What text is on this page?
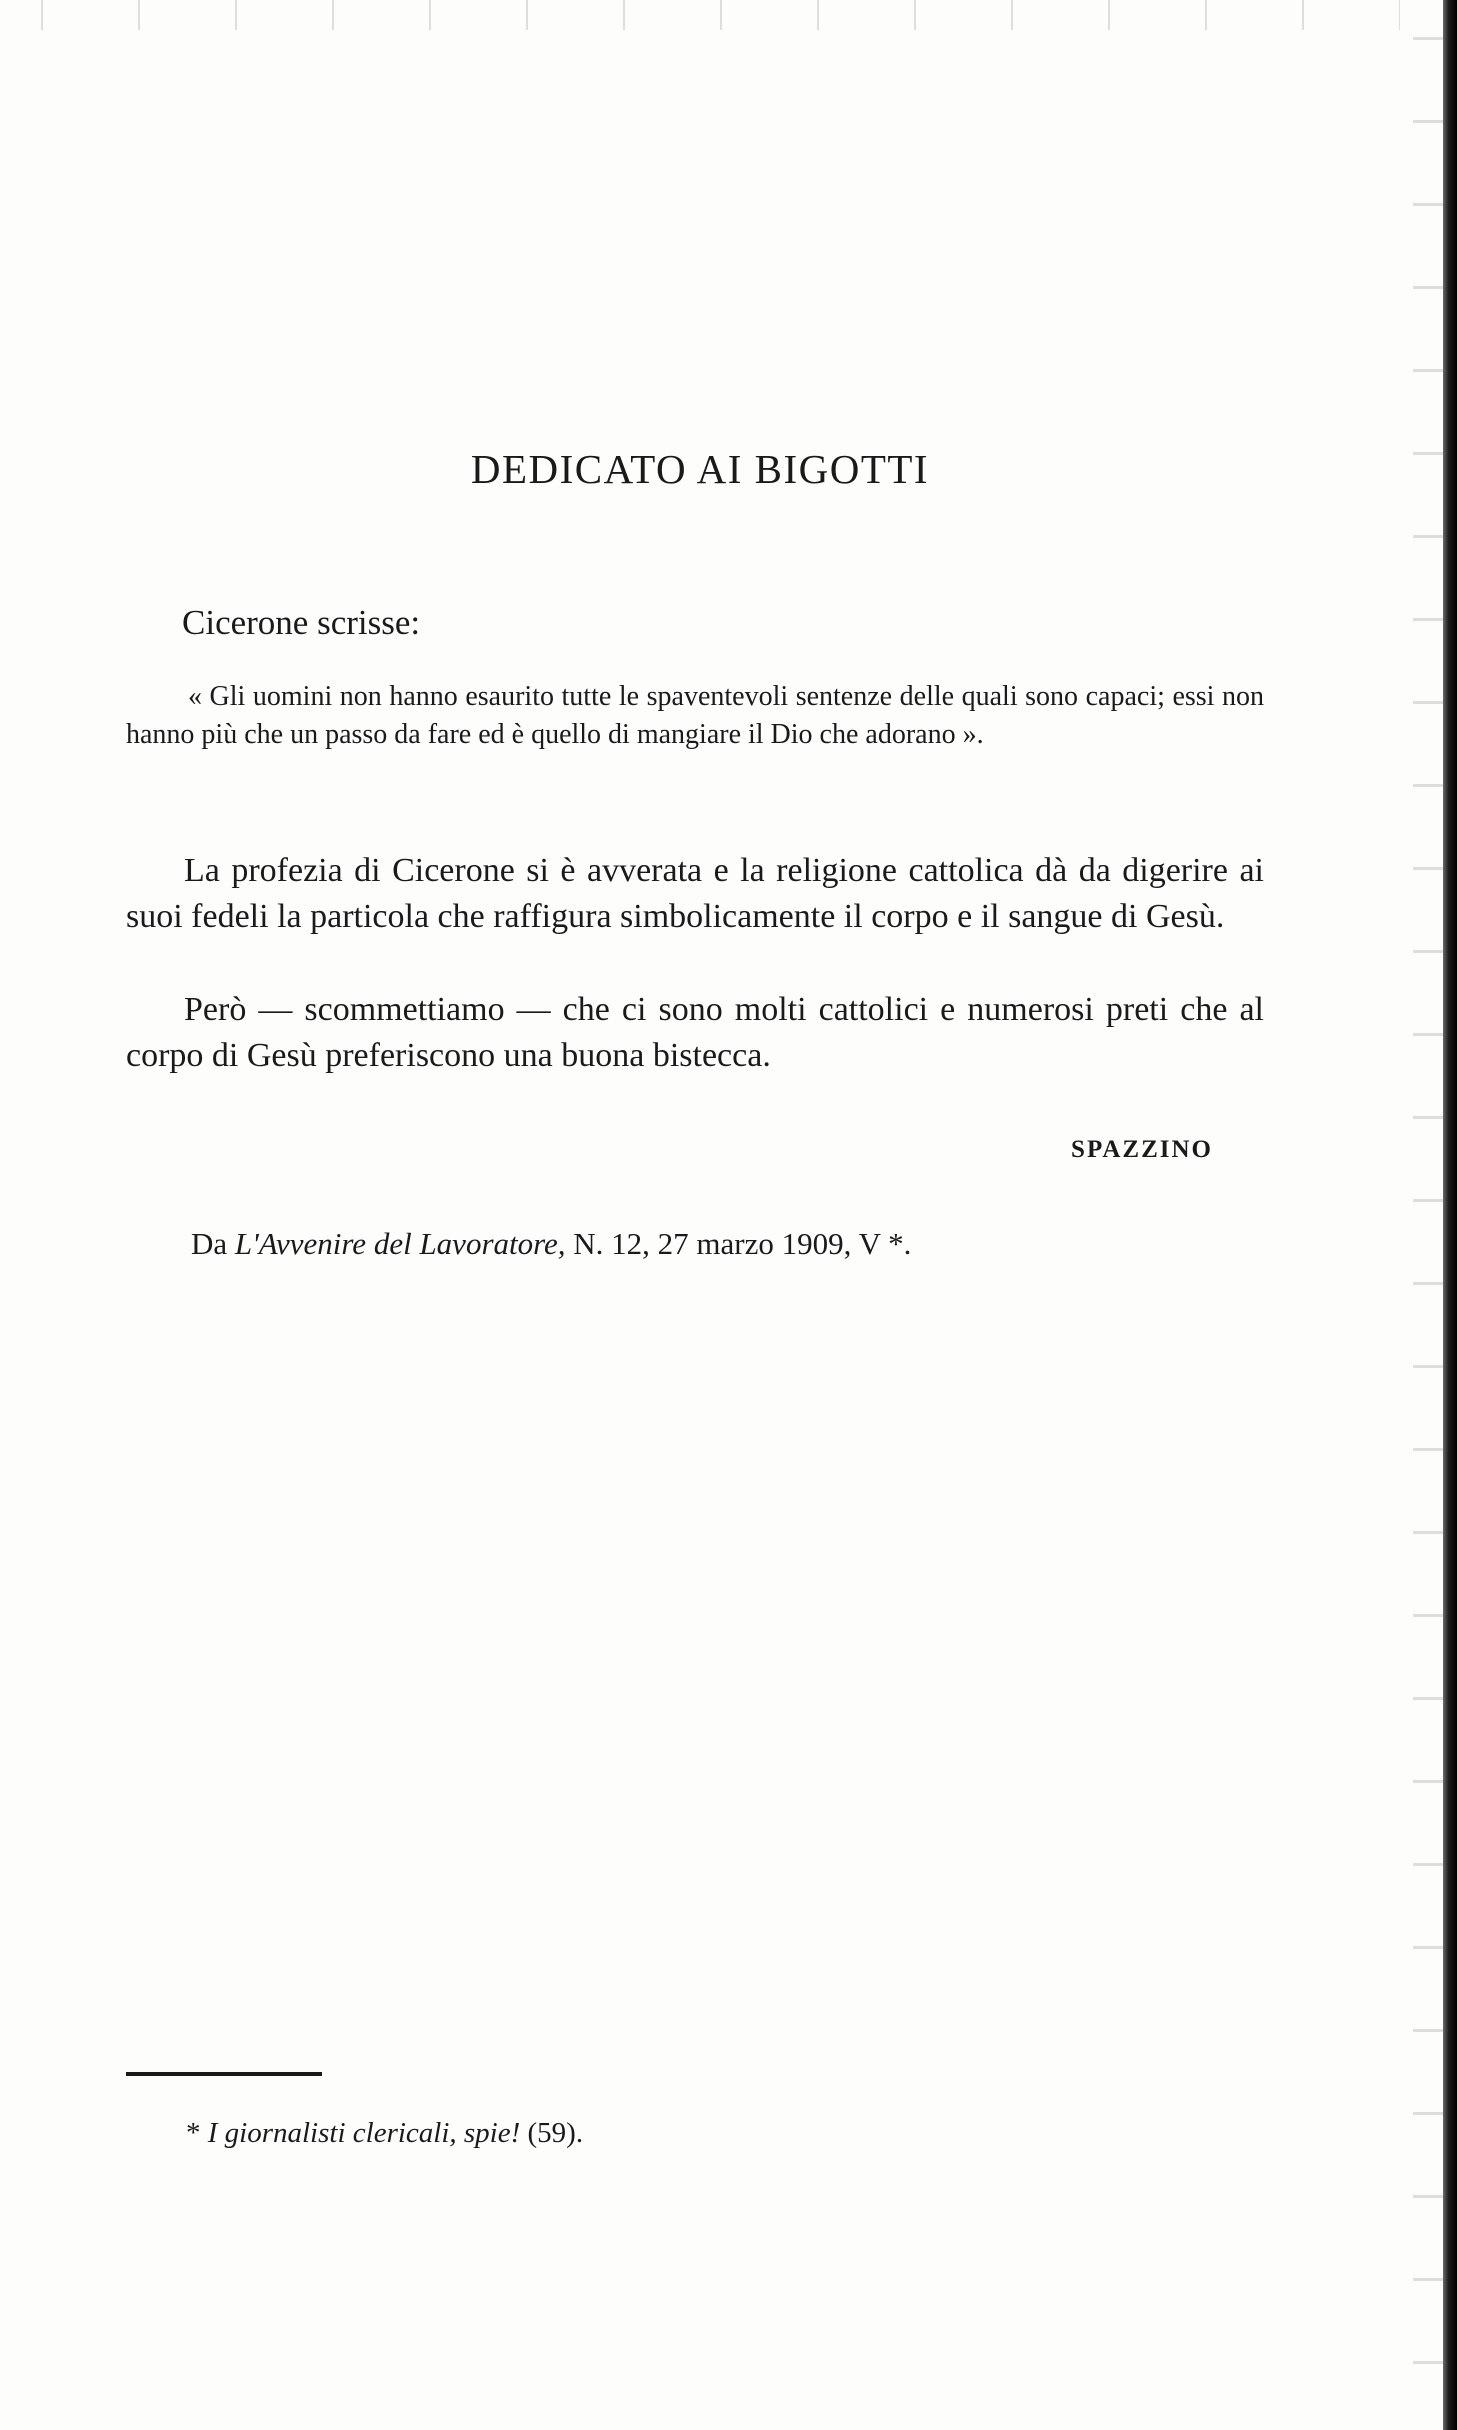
DEDICATO AI BIGOTTI

Cicerone scrisse:

« Gli uomini non hanno esaurito tutte le spaventevoli sentenze delle quali sono capaci; essi non hanno più che un passo da fare ed è quello di mangiare il Dio che adorano ».

La profezia di Cicerone si è avverata e la religione cattolica dà da digerire ai suoi fedeli la particola che raffigura simbolicamente il corpo e il sangue di Gesù.

Però — scommettiamo — che ci sono molti cattolici e numerosi preti che al corpo di Gesù preferiscono una buona bistecca.

SPAZZINO

Da L'Avvenire del Lavoratore, N. 12, 27 marzo 1909, V *.

* I giornalisti clericali, spie! (59).
